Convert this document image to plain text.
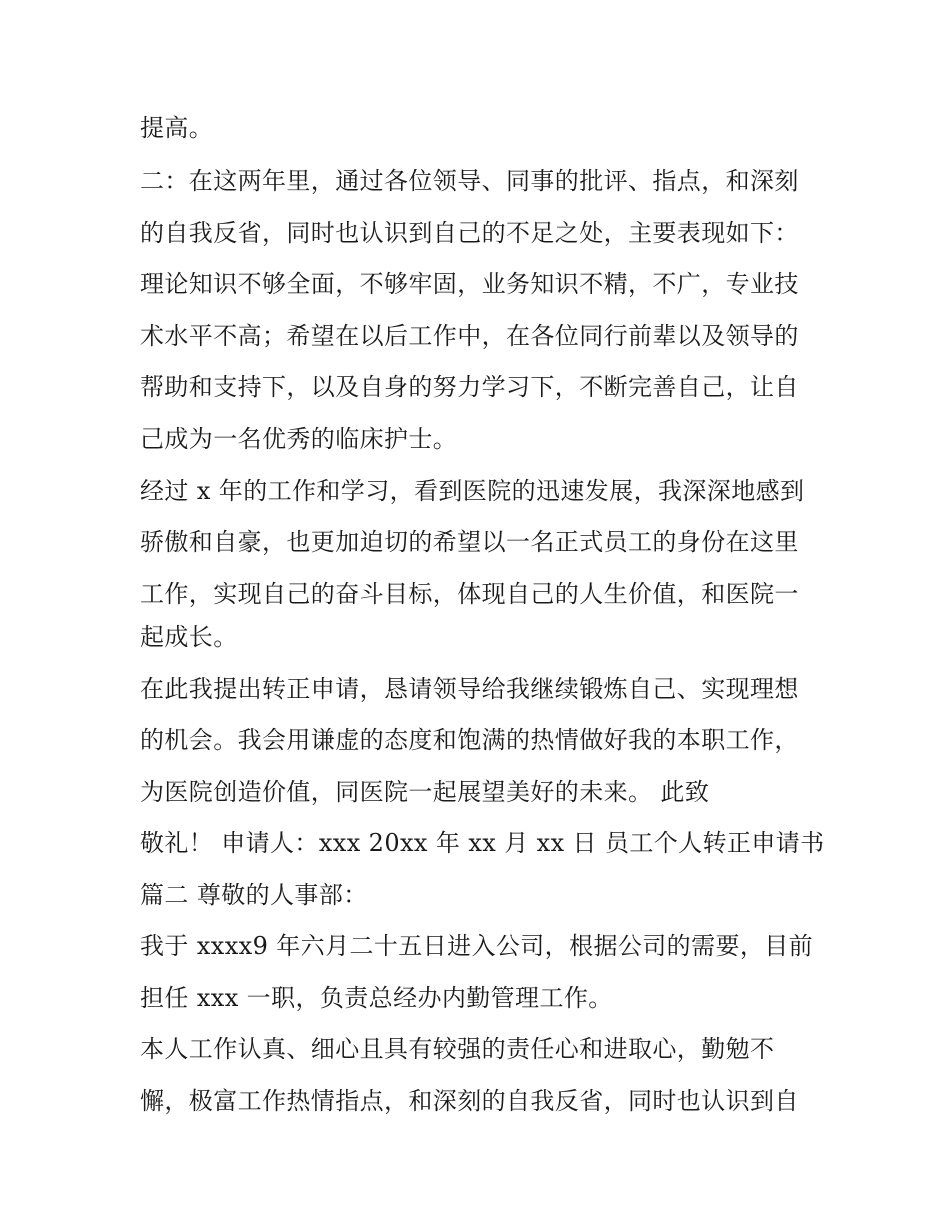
提高。
二：在这两年里，通过各位领导、同事的批评、指点，和深刻
的自我反省，同时也认识到自己的不足之处，主要表现如下：
理论知识不够全面，不够牢固，业务知识不精，不广，专业技
术水平不高；希望在以后工作中，在各位同行前辈以及领导的
帮助和支持下，以及自身的努力学习下，不断完善自己，让自
己成为一名优秀的临床护士。
经过 x 年的工作和学习，看到医院的迅速发展，我深深地感到
骄傲和自豪，也更加迫切的希望以一名正式员工的身份在这里
工作，实现自己的奋斗目标，体现自己的人生价值，和医院一
起成长。
在此我提出转正申请，恳请领导给我继续锻炼自己、实现理想
的机会。我会用谦虚的态度和饱满的热情做好我的本职工作，
为医院创造价值，同医院一起展望美好的未来。 此致
敬礼！ 申请人：xxx 20xx 年 xx 月 xx 日 员工个人转正申请书
篇二 尊敬的人事部：
我于 xxxx9 年六月二十五日进入公司，根据公司的需要，目前
担任 xxx 一职，负责总经办内勤管理工作。
本人工作认真、细心且具有较强的责任心和进取心，勤勉不
懈，极富工作热情指点，和深刻的自我反省，同时也认识到自
